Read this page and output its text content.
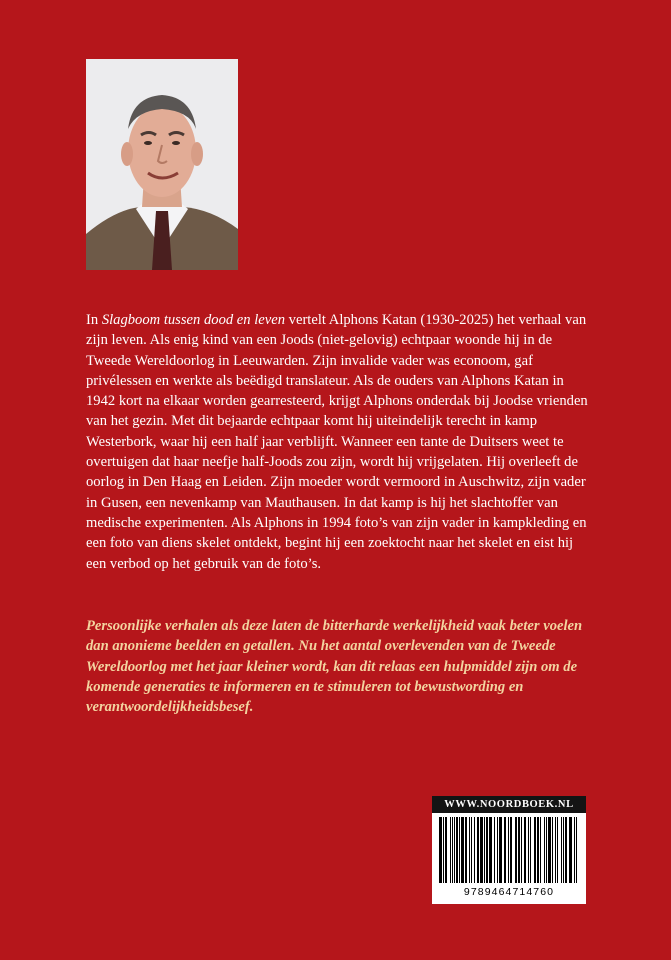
In Slagboom tussen dood en leven vertelt Alphons Katan (1930-2025) het verhaal van zijn leven. Als enig kind van een Joods (niet-gelovig) echtpaar woonde hij in de Tweede Wereldoorlog in Leeuwarden. Zijn invalide vader was econoom, gaf privélessen en werkte als beëdigd translateur. Als de ouders van Alphons Katan in 1942 kort na elkaar worden gearresteerd, krijgt Alphons onderdak bij Joodse vrienden van het gezin. Met dit bejaarde echtpaar komt hij uiteindelijk terecht in kamp Westerbork, waar hij een half jaar verblijft. Wanneer een tante de Duitsers weet te overtuigen dat haar neefje half-Joods zou zijn, wordt hij vrijgelaten. Hij overleeft de oorlog in Den Haag en Leiden. Zijn moeder wordt vermoord in Auschwitz, zijn vader in Gusen, een nevenkamp van Mauthausen. In dat kamp is hij het slachtoffer van medische experimenten. Als Alphons in 1994 foto’s van zijn vader in kampkleding en een foto van diens skelet ontdekt, begint hij een zoektocht naar het skelet en eist hij een verbod op het gebruik van de foto’s.

Persoonlijke verhalen als deze laten de bitterharde werkelijkheid vaak beter voelen dan anonieme beelden en getallen. Nu het aantal overlevenden van de Tweede Wereldoorlog met het jaar kleiner wordt, kan dit relaas een hulpmiddel zijn om de komende generaties te informeren en te stimuleren tot bewustwording en verantwoordelijkheidsbesef.

WWW.NOORDBOEK.NL
9789464714760
